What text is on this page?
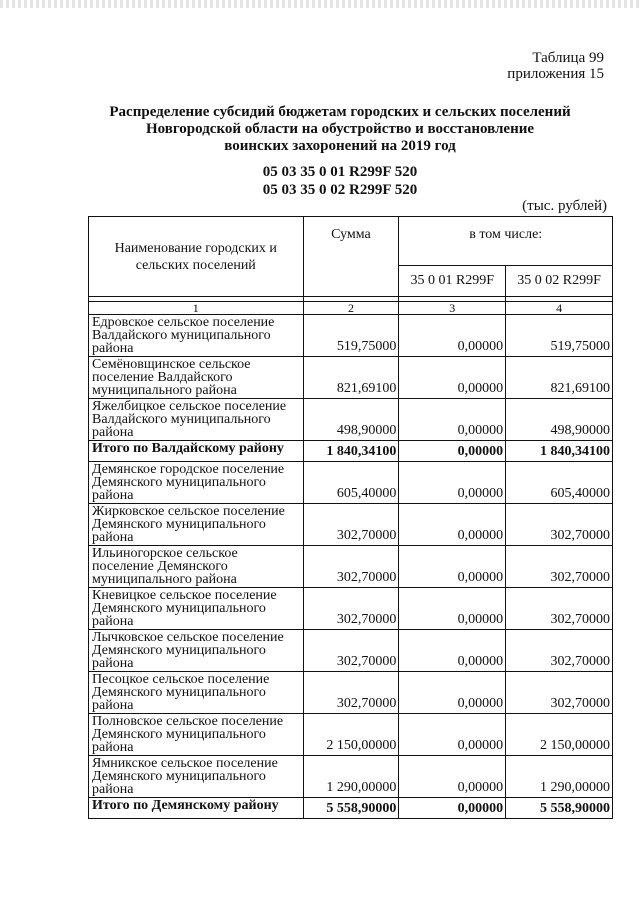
Таблица 99
приложения 15
Распределение субсидий бюджетам городских и сельских поселений
Новгородской области на обустройство и восстановление
воинских захоронений на 2019 год
05 03 35 0 01 R299F 520
05 03 35 0 02 R299F 520
(тыс. рублей)
Наименование городских и сельских поселений	Сумма	в том числе:	
		35 0 01 R299F	35 0 02 R299F

1	2	3	4
Едровское сельское поселение Валдайского муниципального района	519,75000	0,00000	519,75000
Семёновщинское сельское поселение Валдайского муниципального района	821,69100	0,00000	821,69100
Яжелбицкое сельское поселение Валдайского муниципального района	498,90000	0,00000	498,90000
Итого по Валдайскому району	1 840,34100	0,00000	1 840,34100
Демянское городское поселение Демянского муниципального района	605,40000	0,00000	605,40000
Жирковское сельское поселение Демянского муниципального района	302,70000	0,00000	302,70000
Ильиногорское сельское поселение Демянского муниципального района	302,70000	0,00000	302,70000
Кневицкое сельское поселение Демянского муниципального района	302,70000	0,00000	302,70000
Лычковское сельское поселение Демянского муниципального района	302,70000	0,00000	302,70000
Песоцкое сельское поселение Демянского муниципального района	302,70000	0,00000	302,70000
Полновское сельское поселение Демянского муниципального района	2 150,00000	0,00000	2 150,00000
Ямникское сельское поселение Демянского муниципального района	1 290,00000	0,00000	1 290,00000
Итого по Демянскому району	5 558,90000	0,00000	5 558,90000
